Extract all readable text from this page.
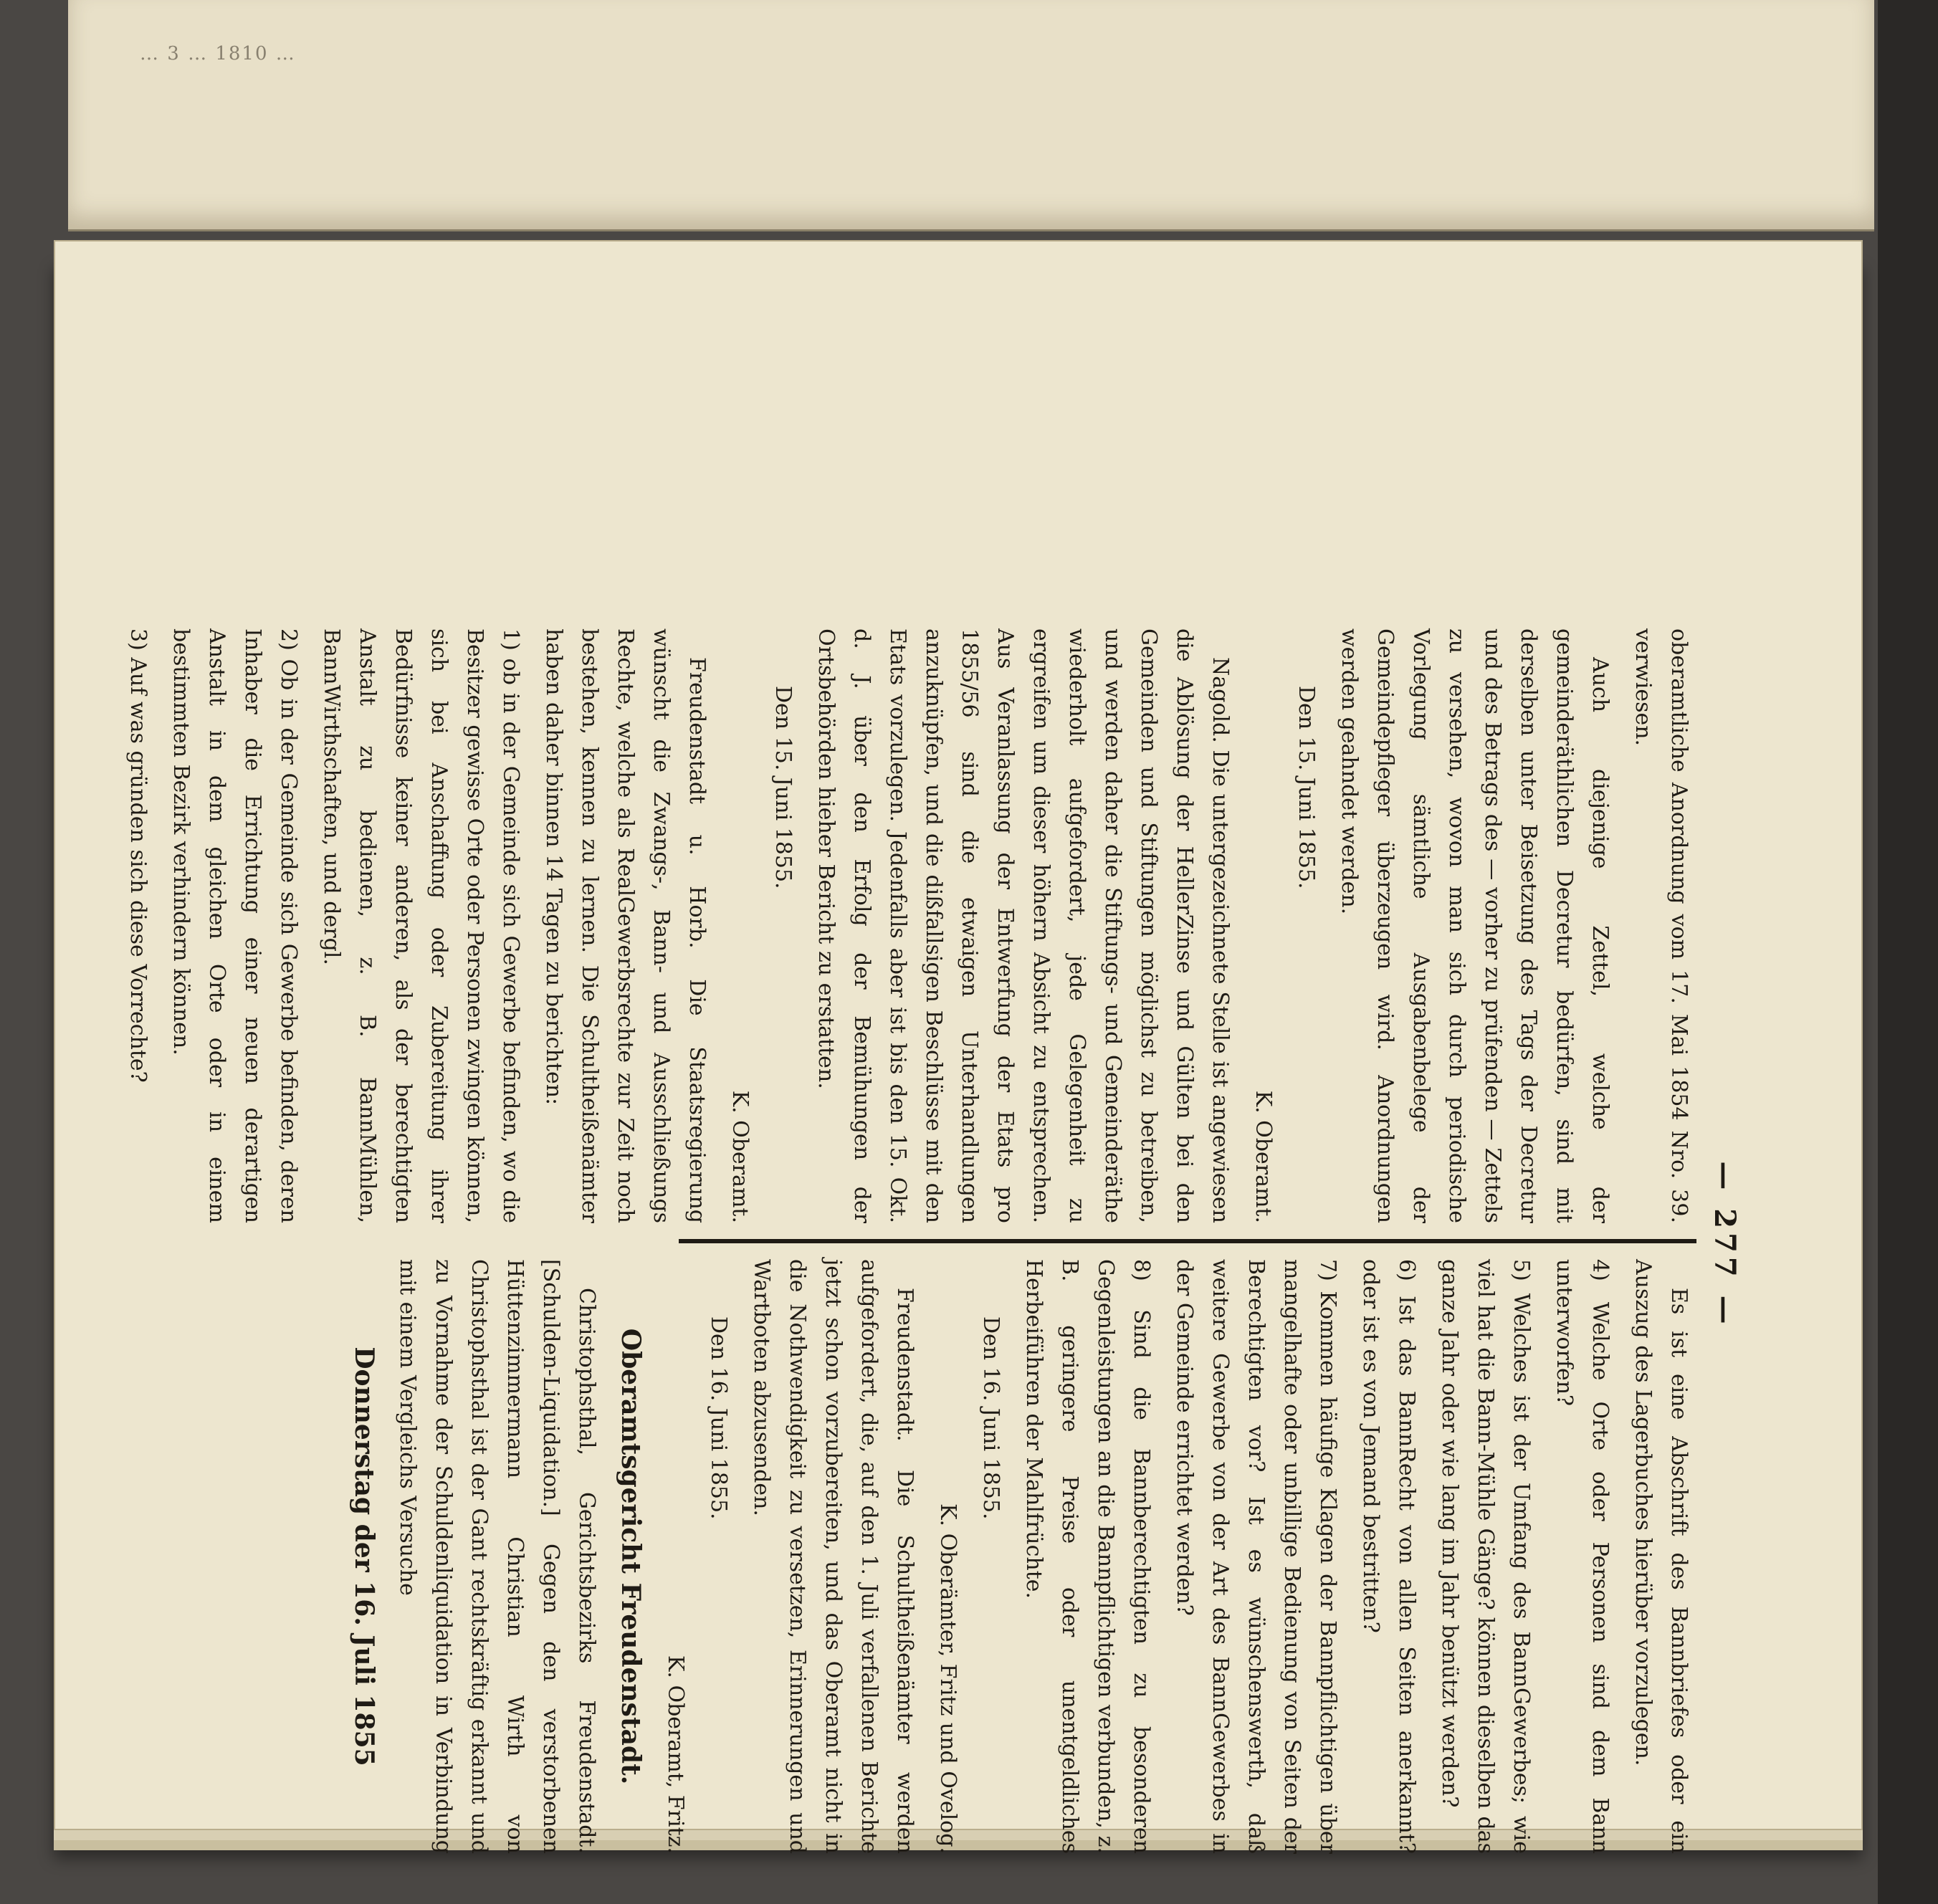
… 3 … 1810 …
— 277 —

oberamtliche Anordnung vom 17. Mai 1854 Nro. 39. verwiesen.

Auch diejenige Zettel, welche der gemeinderäthlichen Decretur bedürfen, sind mit derselben unter Beisetzung des Tags der Decretur und des Betrags des — vorher zu prüfenden — Zettels zu versehen, wovon man sich durch periodische Vorlegung sämtliche Ausgabenbelege der Gemeindepfleger überzeugen wird. Anordnungen werden geahndet werden.

Den 15. Juni 1855.

K. Oberamt.

Nagold. Die untergezeichnete Stelle ist angewiesen die Ablösung der HellerZinse und Gülten bei den Gemeinden und Stiftungen möglichst zu betreiben, und werden daher die Stiftungs- und Gemeinderäthe wiederholt aufgefordert, jede Gelegenheit zu ergreifen um dieser höhern Absicht zu entsprechen. Aus Veranlassung der Entwerfung der Etats pro 1855/56 sind die etwaigen Unterhandlungen anzuknüpfen, und die dißfallsigen Beschlüsse mit den Etats vorzulegen. Jedenfalls aber ist bis den 15. Okt. d. J. über den Erfolg der Bemühungen der Ortsbehörden hieher Bericht zu erstatten.

Den 15. Juni 1855.

K. Oberamt.

Freudenstadt u. Horb. Die Staatsregierung wünscht die Zwangs-, Bann- und Ausschließungs Rechte, welche als RealGewerbsrechte zur Zeit noch bestehen, kennen zu lernen. Die Schultheißenämter haben daher binnen 14 Tagen zu berichten:

1) ob in der Gemeinde sich Gewerbe befinden, wo die Besitzer gewisse Orte oder Personen zwingen können, sich bei Anschaffung oder Zubereitung ihrer Bedürfnisse keiner anderen, als der berechtigten Anstalt zu bedienen, z. B. BannMühlen, BannWirthschaften, und dergl.

2) Ob in der Gemeinde sich Gewerbe befinden, deren Inhaber die Errichtung einer neuen derartigen Anstalt in dem gleichen Orte oder in einem bestimmten Bezirk verhindern können.

3) Auf was gründen sich diese Vorrechte?

Es ist eine Abschrift des Bannbriefes oder ein Auszug des Lagerbuches hierüber vorzulegen.

4) Welche Orte oder Personen sind dem Bann unterworfen?

5) Welches ist der Umfang des BannGewerbes; wie viel hat die Bann-Mühle Gänge? können dieselben das ganze Jahr oder wie lang im Jahr benützt werden?

6) Ist das BannRecht von allen Seiten anerkannt? oder ist es von Jemand bestritten?

7) Kommen häufige Klagen der Bannpflichtigen über mangelhafte oder unbillige Bedienung von Seiten der Berechtigten vor? Ist es wünschenswerth, daß weitere Gewerbe von der Art des BannGewerbes in der Gemeinde errichtet werden?

8) Sind die Bannberechtigten zu besonderen Gegenleistungen an die Bannpflichtigen verbunden, z. B. geringere Preise oder unentgeldliches Herbeiführen der Mahlfrüchte.

Den 16. Juni 1855.

K. Oberämter, Fritz und Ovelog.

Freudenstadt. Die Schultheißenämter werden aufgefordert, die, auf den 1. Juli verfallenen Berichte jetzt schon vorzubereiten, und das Oberamt nicht in die Nothwendigkeit zu versetzen, Erinnerungen und Wartboten abzusenden.

Den 16. Juni 1855.

K. Oberamt, Fritz.

Oberamtsgericht Freudenstadt.

Christophsthal, Gerichtsbezirks Freudenstadt. [Schulden-Liquidation.] Gegen den verstorbenen Hüttenzimmermann Christian Wirth von Christophsthal ist der Gant rechtskräftig erkannt und zu Vornahme der Schuldenliquidation in Verbindung mit einem Vergleichs Versuche

Donnerstag der 16. Juli 1855
